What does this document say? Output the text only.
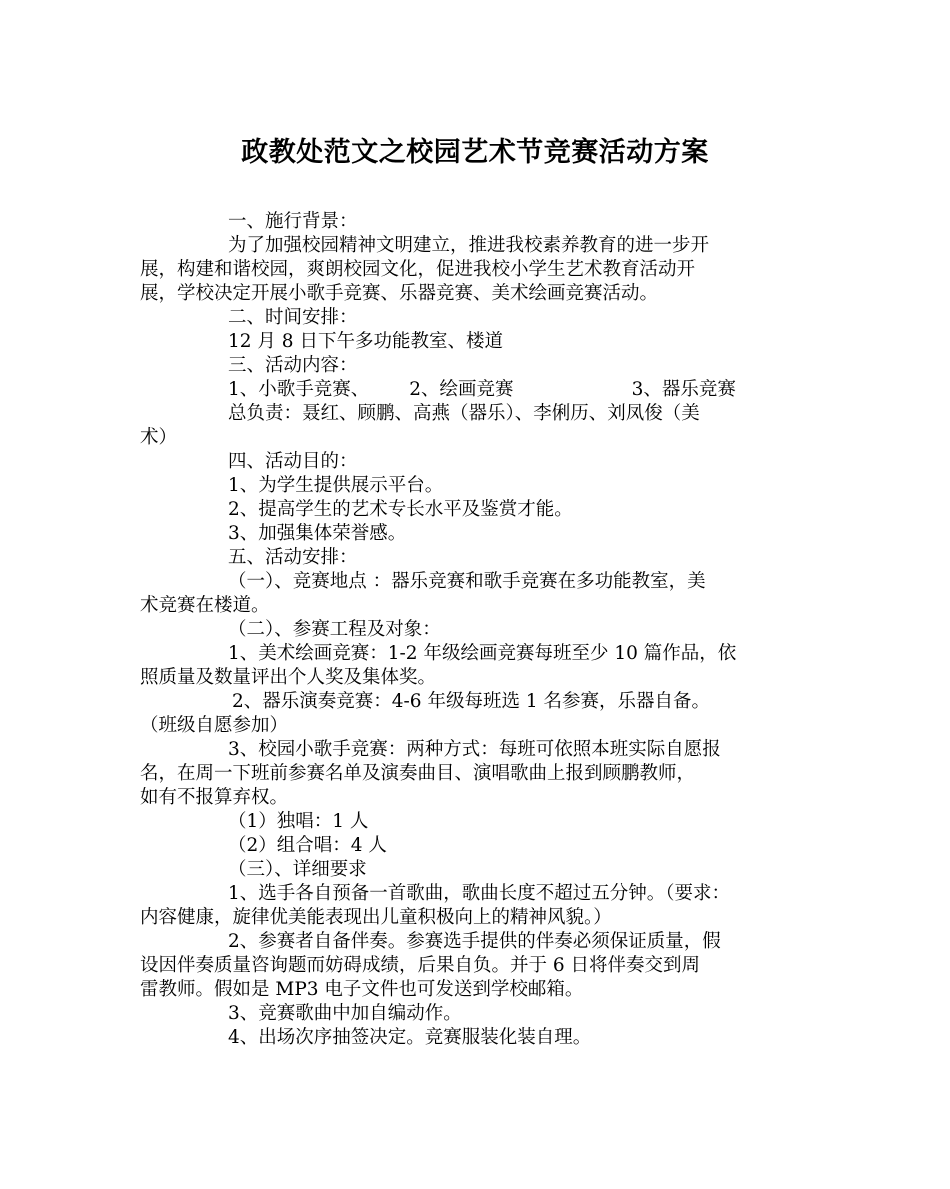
政教处范文之校园艺术节竞赛活动方案
一、施行背景：
为了加强校园精神文明建立，推进我校素养教育的进一步开
展，构建和谐校园，爽朗校园文化，促进我校小学生艺术教育活动开
展，学校决定开展小歌手竞赛、乐器竞赛、美术绘画竞赛活动。
二、时间安排：
12 月 8 日下午多功能教室、楼道
三、活动内容：
1、小歌手竞赛、 2、绘画竞赛	3、器乐竞赛
总负责：聂红、顾鹏、高燕（器乐）、李俐历、刘凤俊（美
术）
四、活动目的：
1、为学生提供展示平台。
2、提高学生的艺术专长水平及鉴赏才能。
3、加强集体荣誉感。
五、活动安排：
（一）、竞赛地点 ：器乐竞赛和歌手竞赛在多功能教室，美
术竞赛在楼道。
（二）、参赛工程及对象：
1、美术绘画竞赛：1-2 年级绘画竞赛每班至少 10 篇作品，依
照质量及数量评出个人奖及集体奖。
2、器乐演奏竞赛：4-6 年级每班选 1 名参赛，乐器自备。
（班级自愿参加）
3、校园小歌手竞赛：两种方式：每班可依照本班实际自愿报
名，在周一下班前参赛名单及演奏曲目、演唱歌曲上报到顾鹏教师，
如有不报算弃权。
（1）独唱：1 人
（2）组合唱：4 人
（三）、详细要求
1、选手各自预备一首歌曲，歌曲长度不超过五分钟。（要求：
内容健康，旋律优美能表现出儿童积极向上的精神风貌。）
2、参赛者自备伴奏。参赛选手提供的伴奏必须保证质量，假
设因伴奏质量咨询题而妨碍成绩，后果自负。并于 6 日将伴奏交到周
雷教师。假如是 MP3 电子文件也可发送到学校邮箱。
3、竞赛歌曲中加自编动作。
4、出场次序抽签决定。竞赛服装化装自理。
